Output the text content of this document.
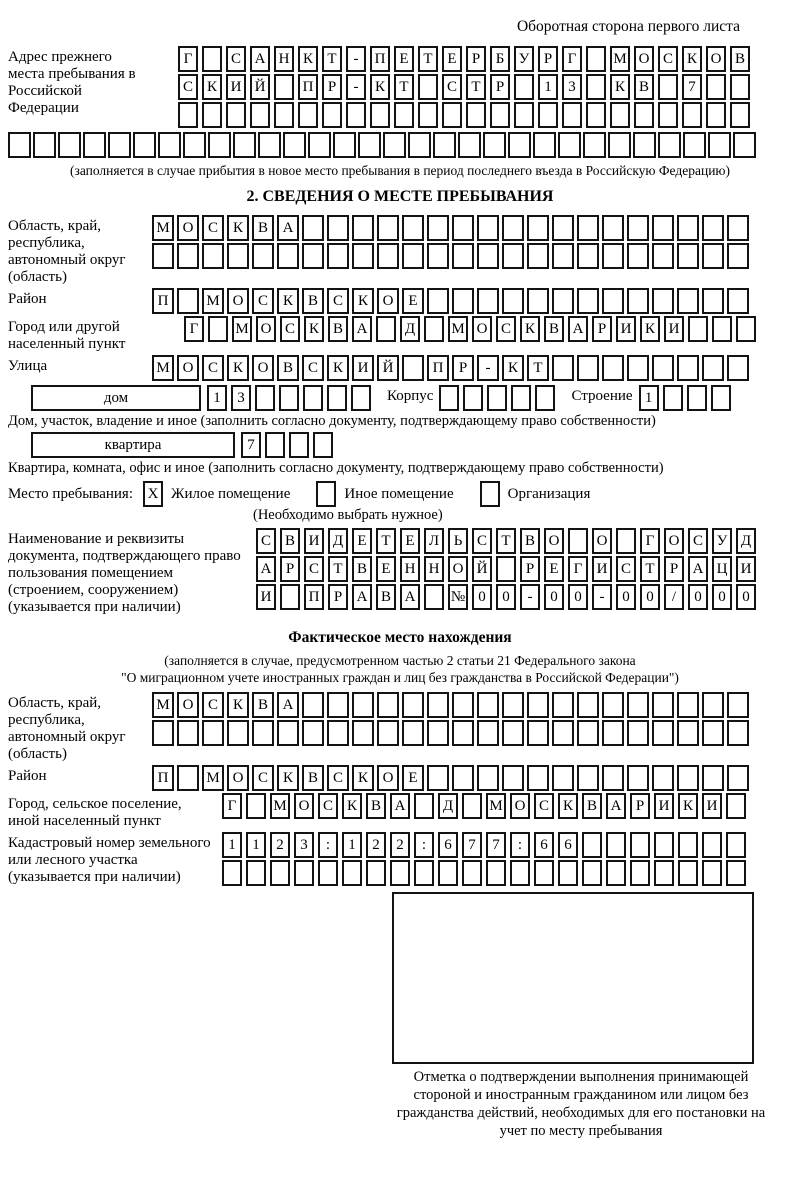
Оборотная сторона первого листа
Адрес прежнего места пребывания в Российской Федерации
Г	С А Н К Т	-	П Е Т Е	Р	Б У Р	Г	М О С К О В
С К И Й	П Р	-	К Т	С Т	Р	1	3	К В	7
(заполняется в случае прибытия в новое место пребывания в период последнего въезда в Российскую Федерацию)
2. СВЕДЕНИЯ О МЕСТЕ ПРЕБЫВАНИЯ
Область, край, республика, автономный округ (область)
М О С К В А
Район	П	М О С К В С К О Е
Город или другой населенный пункт
Г	М О С К В А	Д	М О С К В А Р И К И
Улица	М О С К О В С К И Й	П	Р	-	К	Т
дом	1	3	Корпус	Строение 1
Дом, участок, владение и иное (заполнить согласно документу, подтверждающему право собственности)
квартира	7
Квартира, комната, офис и иное (заполнить согласно документу, подтверждающему право собственности)
Место пребывания: X Жилое помещение	Иное помещение	Организация
(Необходимо выбрать нужное)
Наименование и реквизиты документа, подтверждающего право пользования помещением (строением, сооружением) (указывается при наличии)
С В И Д Е Т Е Л Ь С Т В О	О	Г О С У Д
А Р С Т В Е Н Н О Й	Р	Е	Г И С Т	Р А Ц И
И	П Р А В А	№ 0	0	-	0	0	-	0	0	/	0	0	0
Фактическое место нахождения
(заполняется в случае, предусмотренном частью 2 статьи 21 Федерального закона
"О миграционном учете иностранных граждан и лиц без гражданства в Российской Федерации")
Область, край, республика, автономный округ (область)
М О С К В А
Район	П	М О С К В С К О Е
Город, сельское поселение, иной населенный пункт
Г	М О С К В А	Д	М О С К В А Р И К И
Кадастровый номер земельного или лесного участка (указывается при наличии)
1	1	2	3	:	1	2	2	:	6	7	7	:	6	6
Отметка о подтверждении выполнения принимающей стороной и иностранным гражданином или лицом без гражданства действий, необходимых для его постановки на учет по месту пребывания
